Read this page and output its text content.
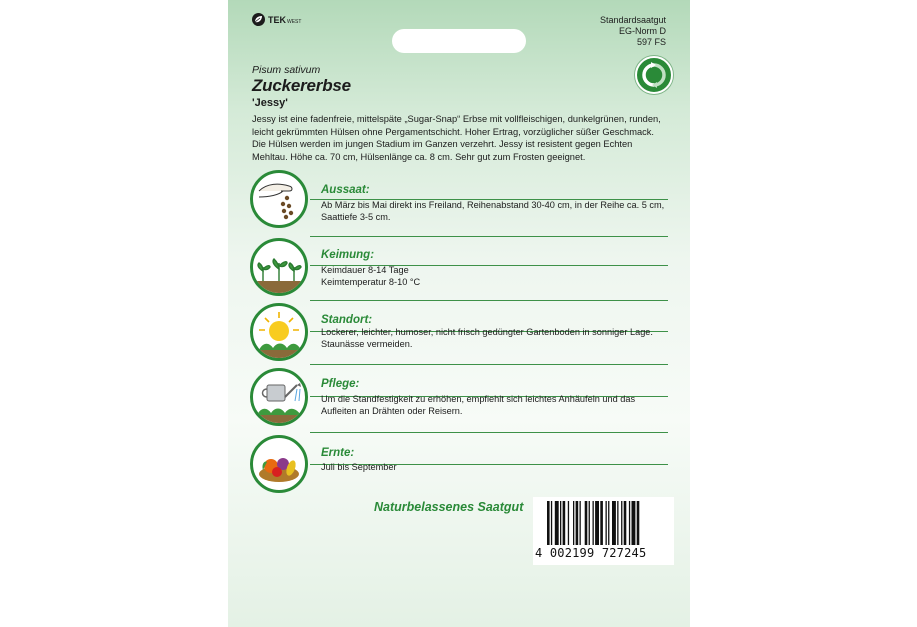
TEKWEST	Standardsaatgut
EG-Norm D
597 FS
Pisum sativum
Zuckererbse
'Jessy'
Jessy ist eine fadenfreie, mittelspäte „Sugar-Snap“ Erbse mit vollfleischigen, dunkelgrünen, runden, leicht gekrümmten Hülsen ohne Pergamentschicht. Hoher Ertrag, vorzüglicher süßer Geschmack. Die Hülsen werden im jungen Stadium im Ganzen verzehrt. Jessy ist resistent gegen Echten Mehltau. Höhe ca. 70 cm, Hülsenlänge ca. 8 cm. Sehr gut zum Frosten geeignet.
Aussaat:
Ab März bis Mai direkt ins Freiland, Reihenabstand 30-40 cm, in der Reihe ca. 5 cm, Saattiefe 3-5 cm.
Keimung:
Keimdauer 8-14 Tage
Keimtemperatur 8-10 °C
Standort:
Lockerer, leichter, humoser, nicht frisch gedüngter Gartenboden in sonniger Lage. Staunässe vermeiden.
Pflege:
Um die Standfestigkeit zu erhöhen, empfiehlt sich leichtes Anhäufeln und das Aufleiten an Drähten oder Reisern.
Ernte:
Juli bis September
Naturbelassenes Saatgut
4 002199 727245
